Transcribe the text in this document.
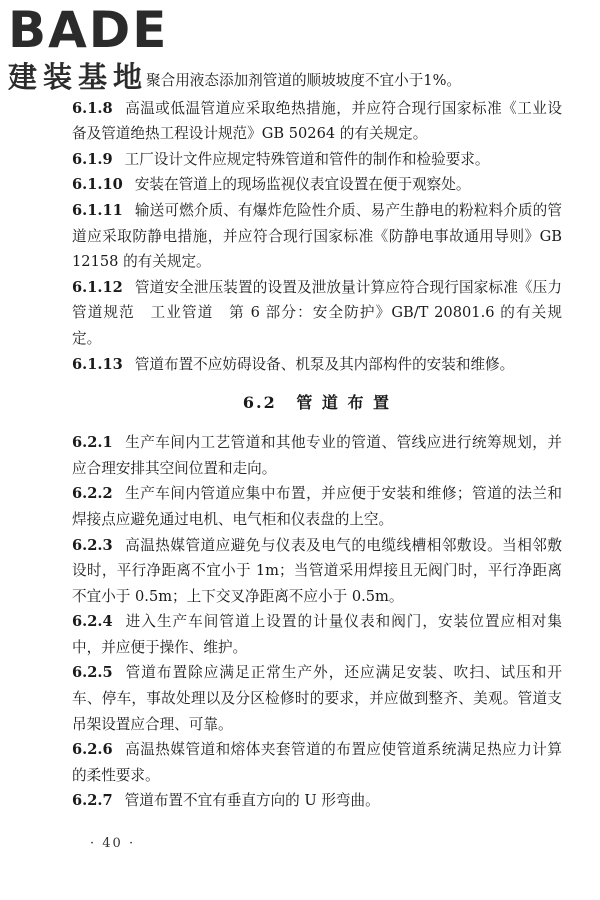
BADE
建装基地

聚合用液态添加剂管道的顺坡坡度不宜小于1%。

6.1.8 高温或低温管道应采取绝热措施，并应符合现行国家标准《工业设备及管道绝热工程设计规范》GB 50264 的有关规定。

6.1.9 工厂设计文件应规定特殊管道和管件的制作和检验要求。

6.1.10 安装在管道上的现场监视仪表宜设置在便于观察处。

6.1.11 输送可燃介质、有爆炸危险性介质、易产生静电的粉粒料介质的管道应采取防静电措施，并应符合现行国家标准《防静电事故通用导则》GB 12158 的有关规定。

6.1.12 管道安全泄压装置的设置及泄放量计算应符合现行国家标准《压力管道规范　工业管道　第 6 部分：安全防护》GB/T 20801.6 的有关规定。

6.1.13 管道布置不应妨碍设备、机泵及其内部构件的安装和维修。

6.2 管 道 布 置

6.2.1 生产车间内工艺管道和其他专业的管道、管线应进行统筹规划，并应合理安排其空间位置和走向。

6.2.2 生产车间内管道应集中布置，并应便于安装和维修；管道的法兰和焊接点应避免通过电机、电气柜和仪表盘的上空。

6.2.3 高温热媒管道应避免与仪表及电气的电缆线槽相邻敷设。当相邻敷设时，平行净距离不宜小于 1m；当管道采用焊接且无阀门时，平行净距离不宜小于 0.5m；上下交叉净距离不应小于 0.5m。

6.2.4 进入生产车间管道上设置的计量仪表和阀门，安装位置应相对集中，并应便于操作、维护。

6.2.5 管道布置除应满足正常生产外，还应满足安装、吹扫、试压和开车、停车，事故处理以及分区检修时的要求，并应做到整齐、美观。管道支吊架设置应合理、可靠。

6.2.6 高温热媒管道和熔体夹套管道的布置应使管道系统满足热应力计算的柔性要求。

6.2.7 管道布置不宜有垂直方向的 U 形弯曲。

· 40 ·
